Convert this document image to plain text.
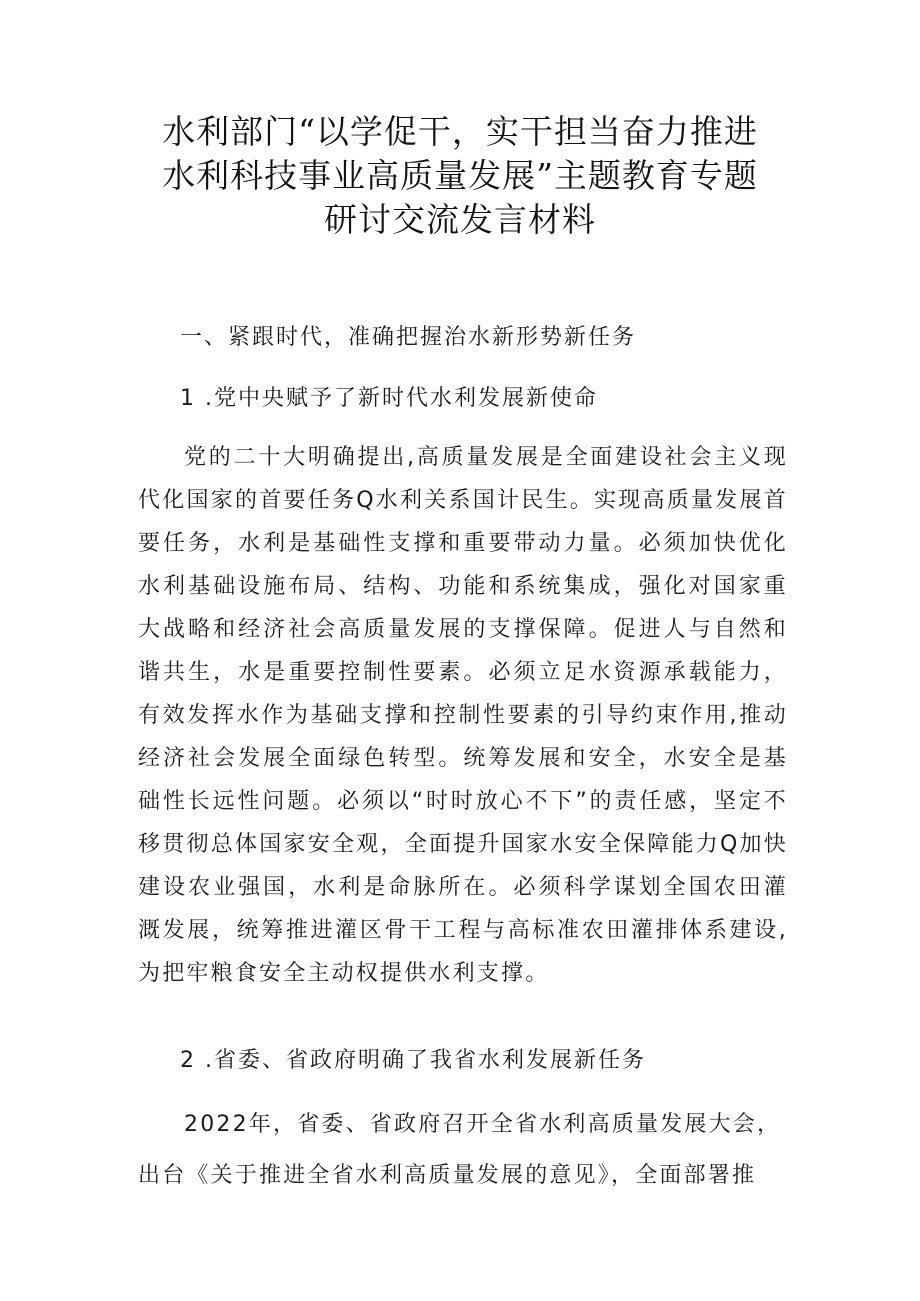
水利部门“以学促干，实干担当奋力推进
水利科技事业高质量发展”主题教育专题
研讨交流发言材料
一、紧跟时代，准确把握治水新形势新任务
1 .党中央赋予了新时代水利发展新使命
党的二十大明确提出,高质量发展是全面建设社会主义现代化国家的首要任务Q水利关系国计民生。实现高质量发展首要任务，水利是基础性支撑和重要带动力量。必须加快优化水利基础设施布局、结构、功能和系统集成，强化对国家重大战略和经济社会高质量发展的支撑保障。促进人与自然和谐共生，水是重要控制性要素。必须立足水资源承载能力，有效发挥水作为基础支撑和控制性要素的引导约束作用,推动经济社会发展全面绿色转型。统筹发展和安全，水安全是基础性长远性问题。必须以“时时放心不下”的责任感，坚定不移贯彻总体国家安全观，全面提升国家水安全保障能力Q加快建设农业强国，水利是命脉所在。必须科学谋划全国农田灌溉发展，统筹推进灌区骨干工程与高标准农田灌排体系建设,为把牢粮食安全主动权提供水利支撑。
2 .省委、省政府明确了我省水利发展新任务
2022年，省委、省政府召开全省水利高质量发展大会，出台《关于推进全省水利高质量发展的意见》，全面部署推
